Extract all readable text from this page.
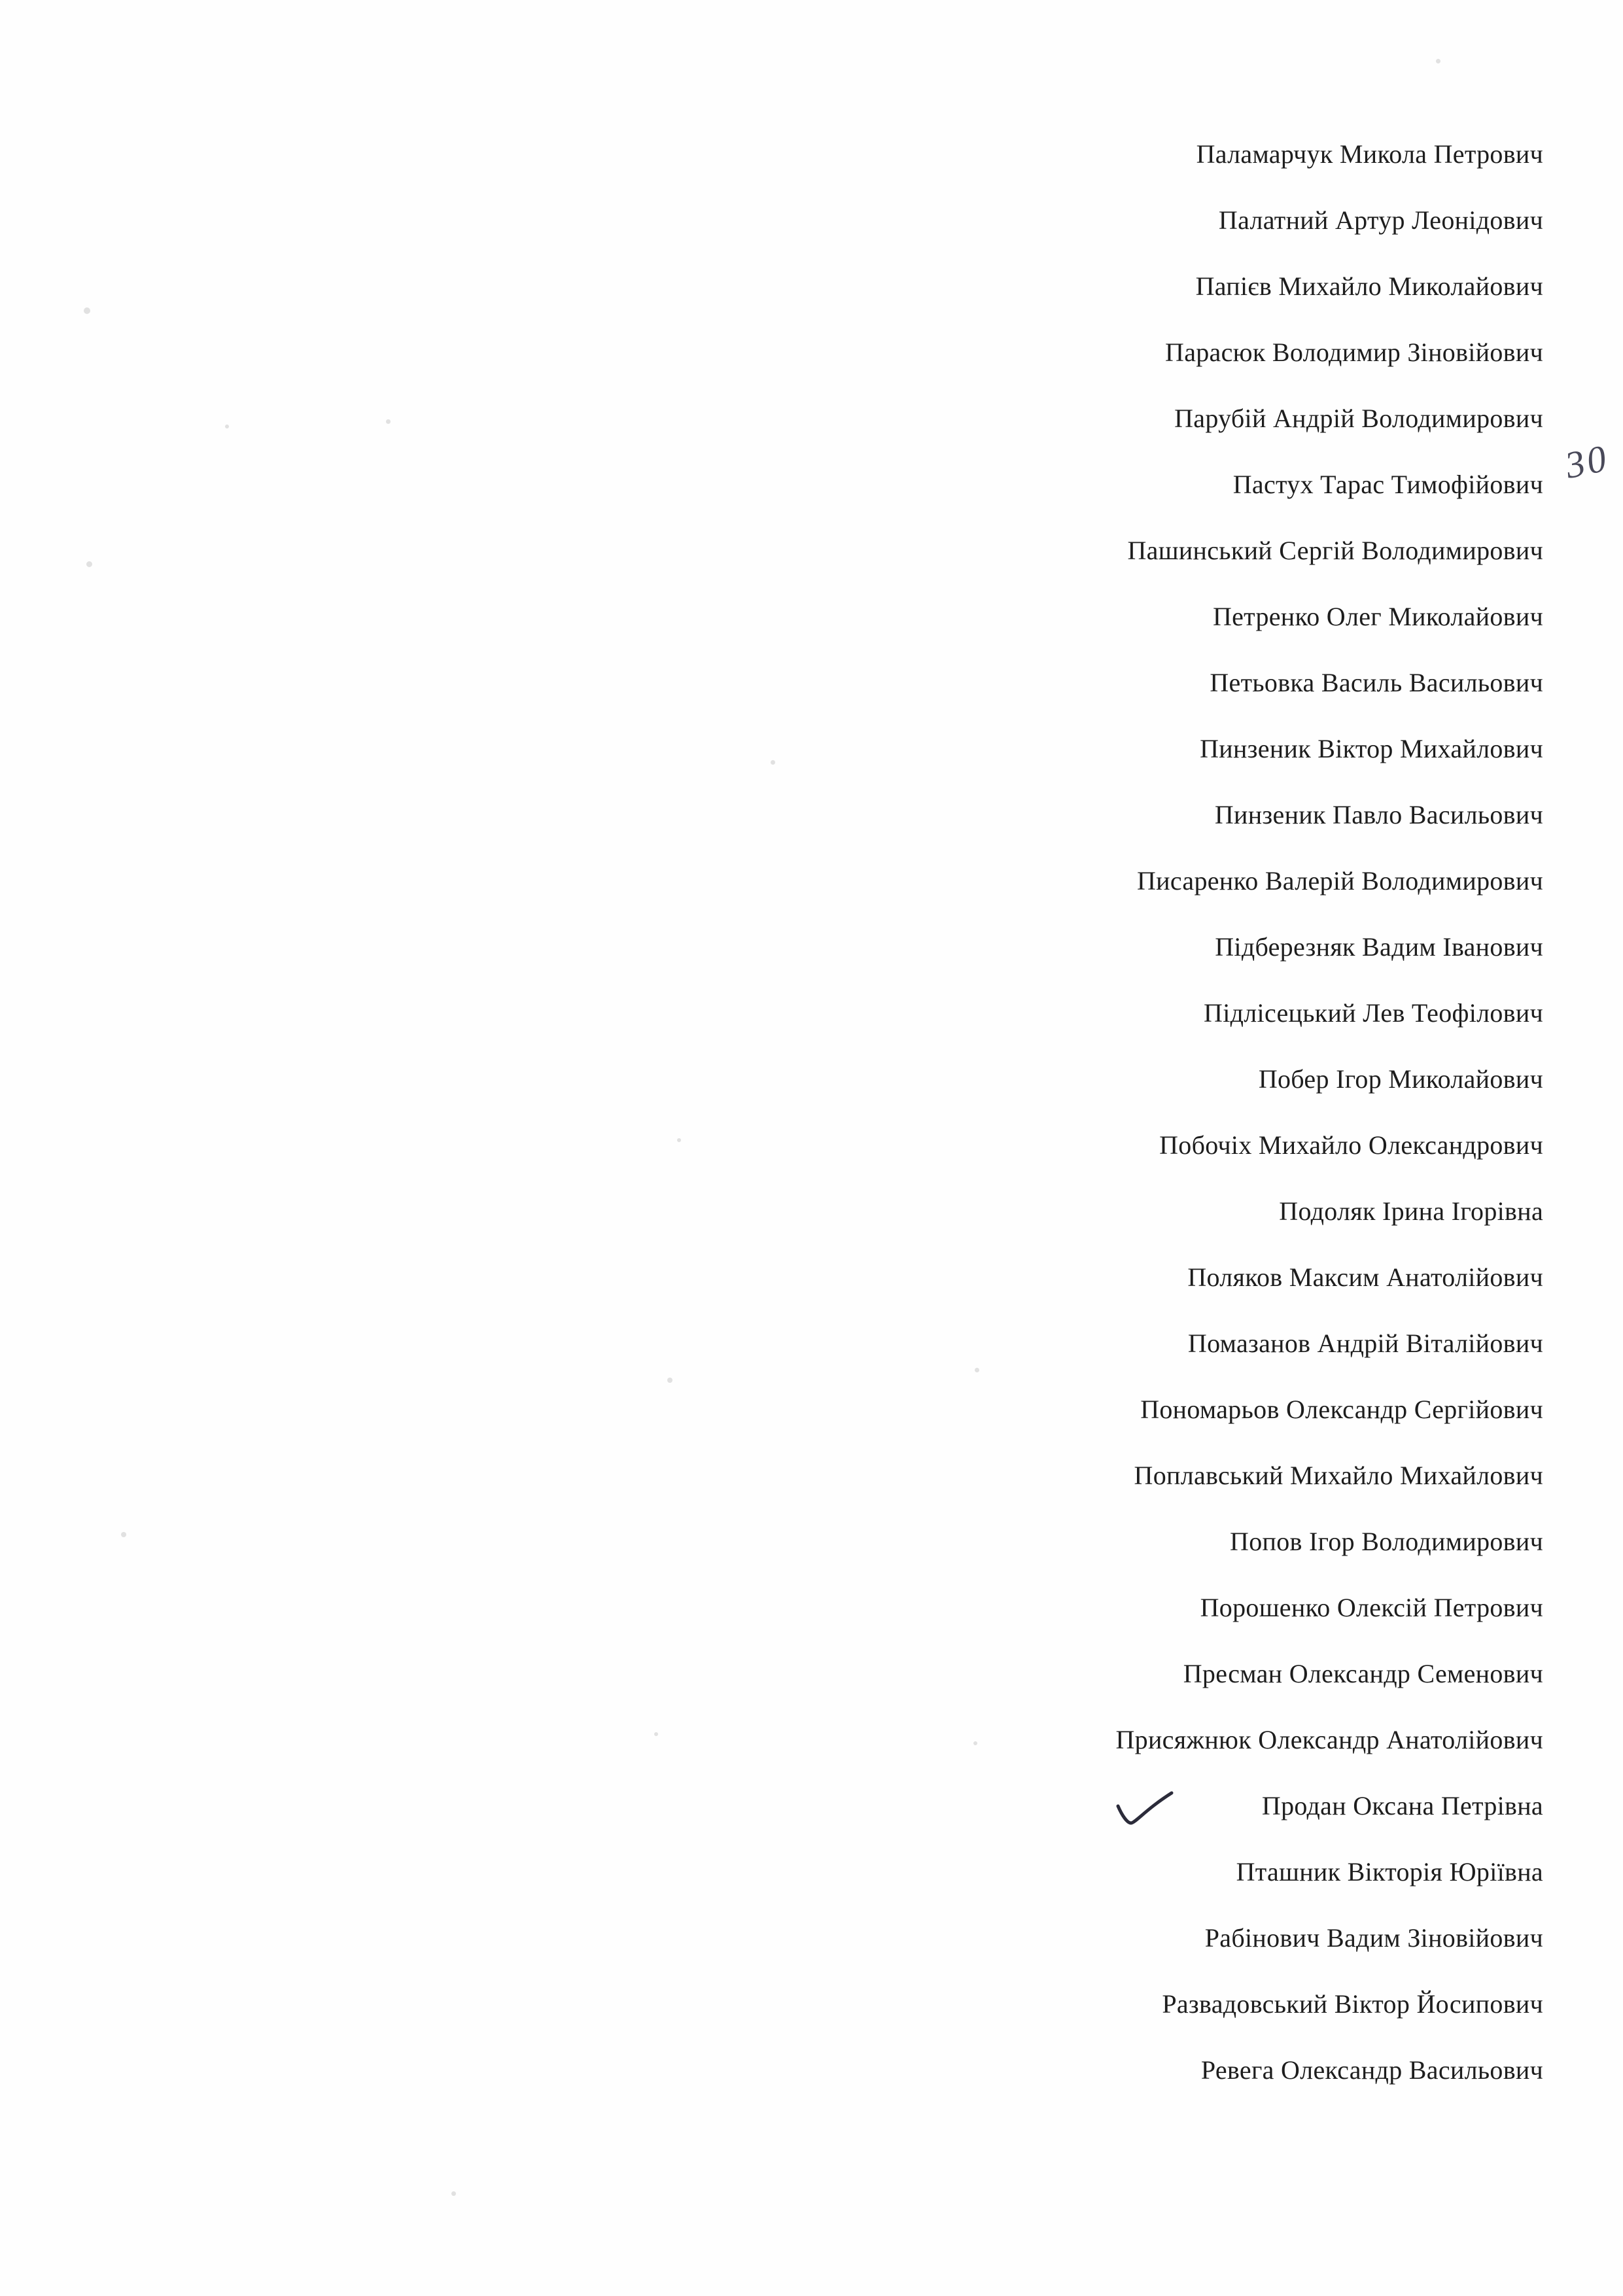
30
Паламарчук Микола Петрович
Палатний Артур Леонідович
Папієв Михайло Миколайович
Парасюк Володимир Зіновійович
Парубій Андрій Володимирович
Пастух Тарас Тимофійович
Пашинський Сергій Володимирович
Петренко Олег Миколайович
Петьовка Василь Васильович
Пинзеник Віктор Михайлович
Пинзеник Павло Васильович
Писаренко Валерій Володимирович
Підберезняк Вадим Іванович
Підлісецький Лев Теофілович
Побер Ігор Миколайович
Побочіх Михайло Олександрович
Подоляк Ірина Ігорівна
Поляков Максим Анатолійович
Помазанов Андрій Віталійович
Пономарьов Олександр Сергійович
Поплавський Михайло Михайлович
Попов Ігор Володимирович
Порошенко Олексій Петрович
Пресман Олександр Семенович
Присяжнюк Олександр Анатолійович
Продан Оксана Петрівна
Пташник Вікторія Юріївна
Рабінович Вадим Зіновійович
Развадовський Віктор Йосипович
Ревега Олександр Васильович
